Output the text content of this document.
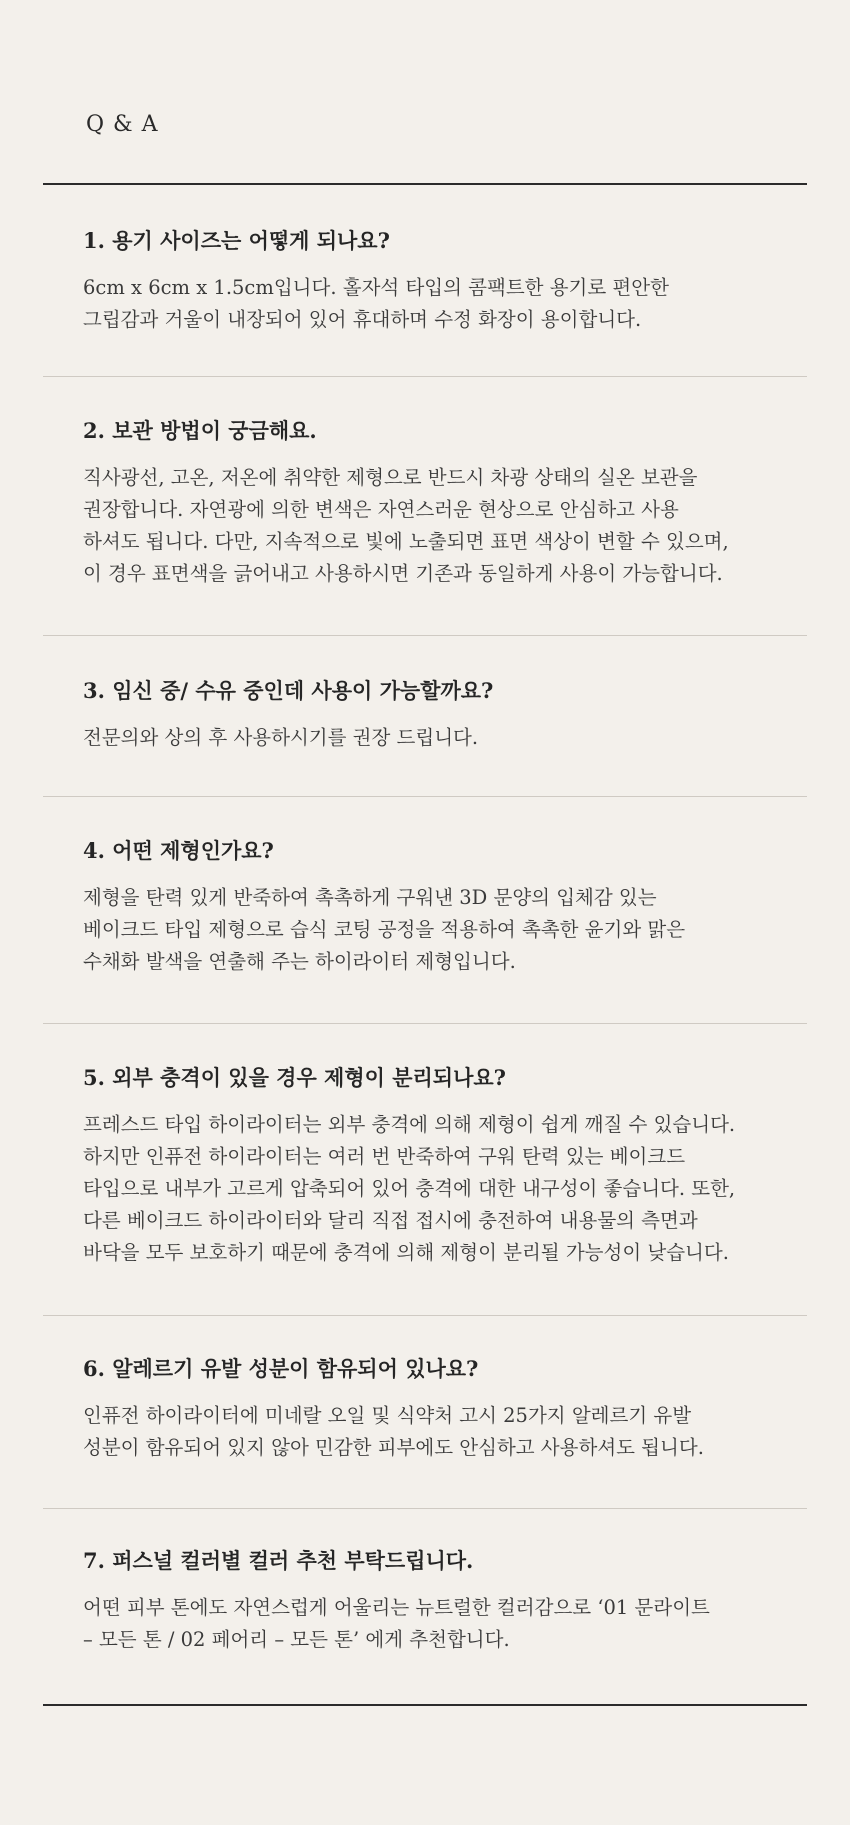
Q & A

1. 용기 사이즈는 어떻게 되나요?

6cm x 6cm x 1.5cm입니다. 홀자석 타입의 콤팩트한 용기로 편안한
그립감과 거울이 내장되어 있어 휴대하며 수정 화장이 용이합니다.

2. 보관 방법이 궁금해요.

직사광선, 고온, 저온에 취약한 제형으로 반드시 차광 상태의 실온 보관을
권장합니다. 자연광에 의한 변색은 자연스러운 현상으로 안심하고 사용
하셔도 됩니다. 다만, 지속적으로 빛에 노출되면 표면 색상이 변할 수 있으며,
이 경우 표면색을 긁어내고 사용하시면 기존과 동일하게 사용이 가능합니다.

3. 임신 중/ 수유 중인데 사용이 가능할까요?

전문의와 상의 후 사용하시기를 권장 드립니다.

4. 어떤 제형인가요?

제형을 탄력 있게 반죽하여 촉촉하게 구워낸 3D 문양의 입체감 있는
베이크드 타입 제형으로 습식 코팅 공정을 적용하여 촉촉한 윤기와 맑은
수채화 발색을 연출해 주는 하이라이터 제형입니다.

5. 외부 충격이 있을 경우 제형이 분리되나요?

프레스드 타입 하이라이터는 외부 충격에 의해 제형이 쉽게 깨질 수 있습니다.
하지만 인퓨전 하이라이터는 여러 번 반죽하여 구워 탄력 있는 베이크드
타입으로 내부가 고르게 압축되어 있어 충격에 대한 내구성이 좋습니다. 또한,
다른 베이크드 하이라이터와 달리 직접 접시에 충전하여 내용물의 측면과
바닥을 모두 보호하기 때문에 충격에 의해 제형이 분리될 가능성이 낮습니다.

6. 알레르기 유발 성분이 함유되어 있나요?

인퓨전 하이라이터에 미네랄 오일 및 식약처 고시 25가지 알레르기 유발
성분이 함유되어 있지 않아 민감한 피부에도 안심하고 사용하셔도 됩니다.

7. 퍼스널 컬러별 컬러 추천 부탁드립니다.

어떤 피부 톤에도 자연스럽게 어울리는 뉴트럴한 컬러감으로 ‘01 문라이트
– 모든 톤 / 02 페어리 – 모든 톤’ 에게 추천합니다.
